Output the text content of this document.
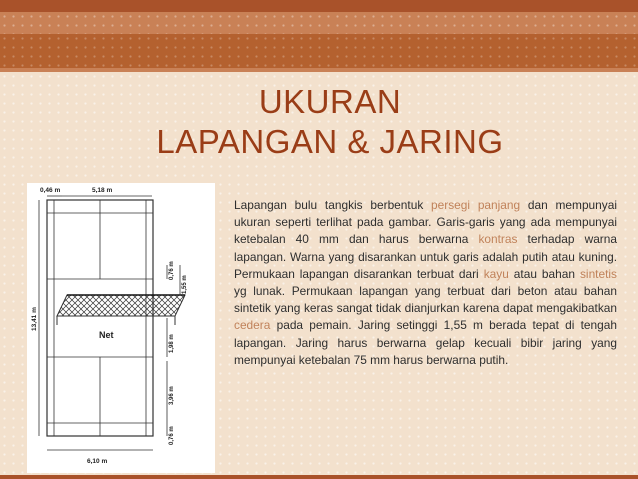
UKURAN
LAPANGAN & JARING
0,46 m	5,18 m
Net
13,41 m
0,76 m
1,55 m
1,98 m
3,96 m
0,76 m
6,10 m
Lapangan bulu tangkis berbentuk persegi panjang dan mempunyai ukuran seperti terlihat pada gambar. Garis-garis yang ada mempunyai ketebalan 40 mm dan harus berwarna kontras terhadap warna lapangan. Warna yang disarankan untuk garis adalah putih atau kuning. Permukaan lapangan disarankan terbuat dari kayu atau bahan sintetis yg lunak. Permukaan lapangan yang terbuat dari beton atau bahan sintetik yang keras sangat tidak dianjurkan karena dapat mengakibatkan cedera pada pemain. Jaring setinggi 1,55 m berada tepat di tengah lapangan. Jaring harus berwarna gelap kecuali bibir jaring yang mempunyai ketebalan 75 mm harus berwarna putih.
